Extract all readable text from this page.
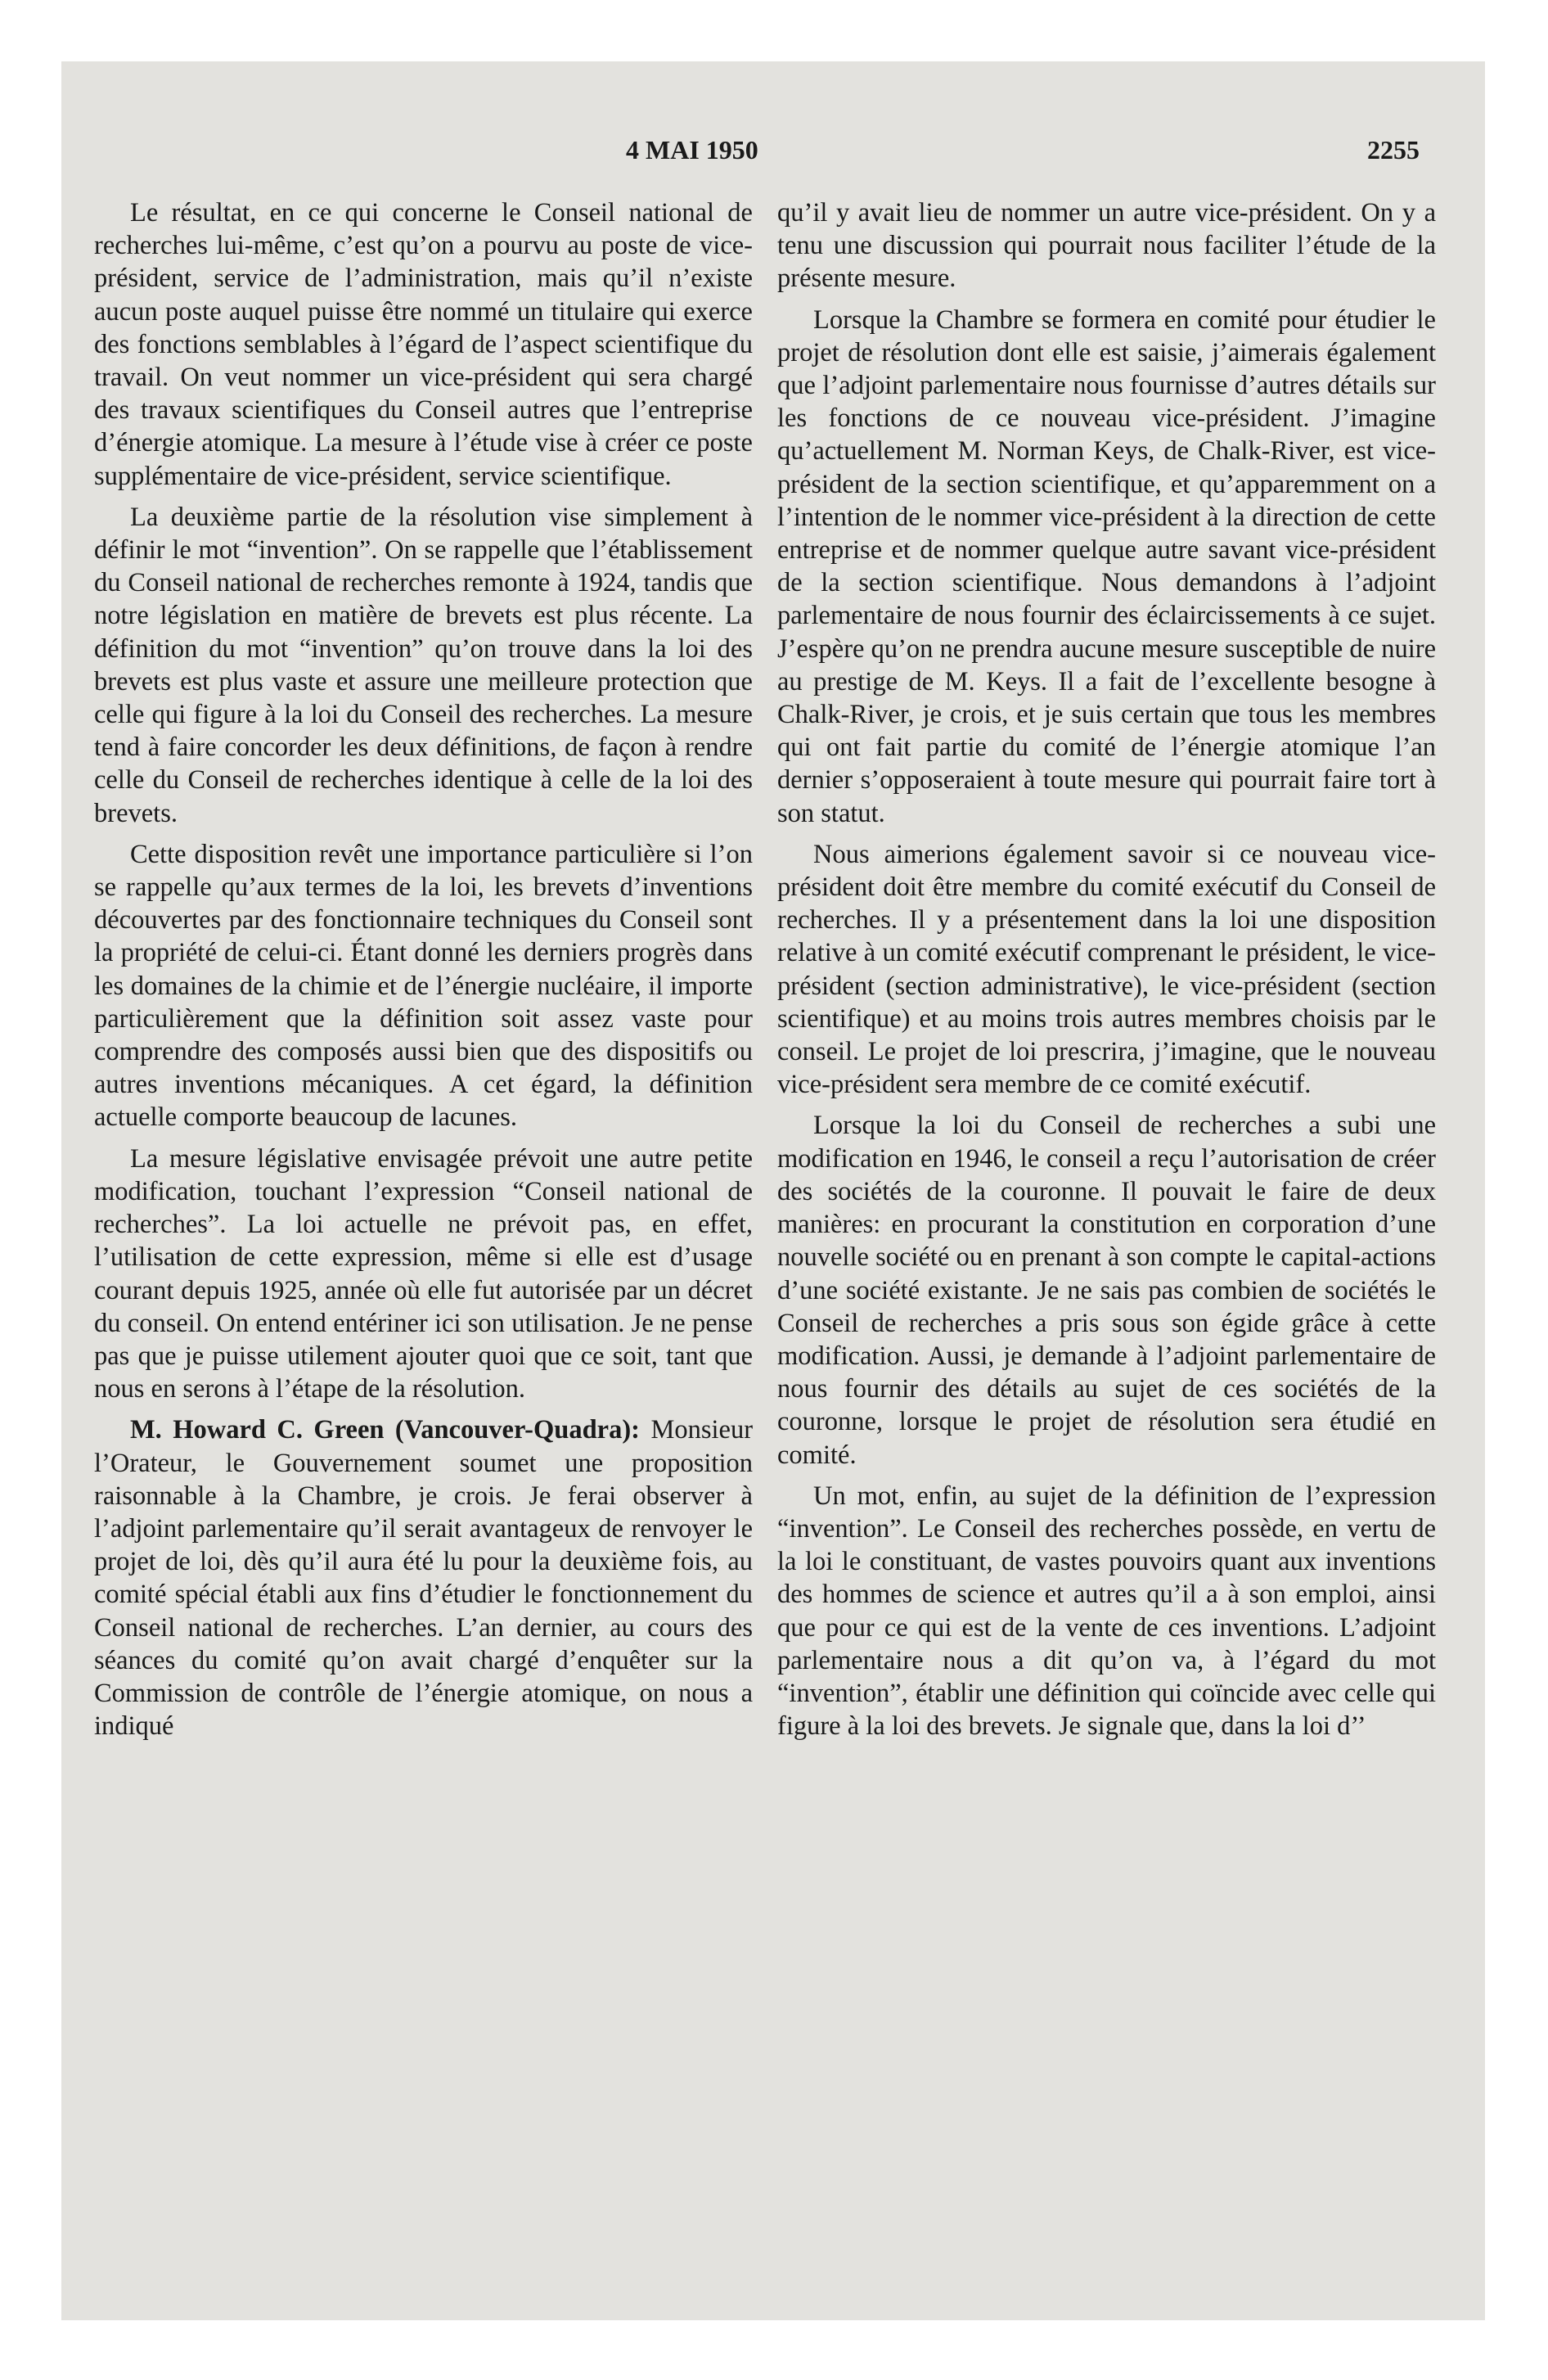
4 MAI 1950	2255

Le résultat, en ce qui concerne le Conseil national de recherches lui-même, c’est qu’on a pourvu au poste de vice-président, service de l’administration, mais qu’il n’existe aucun poste auquel puisse être nommé un titulaire qui exerce des fonctions semblables à l’égard de l’aspect scientifique du travail. On veut nommer un vice-président qui sera chargé des travaux scientifiques du Conseil autres que l’entreprise d’énergie atomique. La mesure à l’étude vise à créer ce poste supplémentaire de vice-président, service scientifique.

La deuxième partie de la résolution vise simplement à définir le mot “invention”. On se rappelle que l’établissement du Conseil national de recherches remonte à 1924, tandis que notre législation en matière de brevets est plus récente. La définition du mot “invention” qu’on trouve dans la loi des brevets est plus vaste et assure une meilleure protection que celle qui figure à la loi du Conseil des recherches. La mesure tend à faire concorder les deux définitions, de façon à rendre celle du Conseil de recherches identique à celle de la loi des brevets.

Cette disposition revêt une importance particulière si l’on se rappelle qu’aux termes de la loi, les brevets d’inventions découvertes par des fonctionnaire techniques du Conseil sont la propriété de celui-ci. Étant donné les derniers progrès dans les domaines de la chimie et de l’énergie nucléaire, il importe particulièrement que la définition soit assez vaste pour comprendre des composés aussi bien que des dispositifs ou autres inventions mécaniques. A cet égard, la définition actuelle comporte beaucoup de lacunes.

La mesure législative envisagée prévoit une autre petite modification, touchant l’expression “Conseil national de recherches”. La loi actuelle ne prévoit pas, en effet, l’utilisation de cette expression, même si elle est d’usage courant depuis 1925, année où elle fut autorisée par un décret du conseil. On entend entériner ici son utilisation. Je ne pense pas que je puisse utilement ajouter quoi que ce soit, tant que nous en serons à l’étape de la résolution.

M. Howard C. Green (Vancouver-Quadra): Monsieur l’Orateur, le Gouvernement soumet une proposition raisonnable à la Chambre, je crois. Je ferai observer à l’adjoint parlementaire qu’il serait avantageux de renvoyer le projet de loi, dès qu’il aura été lu pour la deuxième fois, au comité spécial établi aux fins d’étudier le fonctionnement du Conseil national de recherches. L’an dernier, au cours des séances du comité qu’on avait chargé d’enquêter sur la Commission de contrôle de l’énergie atomique, on nous a indiqué

qu’il y avait lieu de nommer un autre vice-président. On y a tenu une discussion qui pourrait nous faciliter l’étude de la présente mesure.

Lorsque la Chambre se formera en comité pour étudier le projet de résolution dont elle est saisie, j’aimerais également que l’adjoint parlementaire nous fournisse d’autres détails sur les fonctions de ce nouveau vice-président. J’imagine qu’actuellement M. Norman Keys, de Chalk-River, est vice-président de la section scientifique, et qu’apparemment on a l’intention de le nommer vice-président à la direction de cette entreprise et de nommer quelque autre savant vice-président de la section scientifique. Nous demandons à l’adjoint parlementaire de nous fournir des éclaircissements à ce sujet. J’espère qu’on ne prendra aucune mesure susceptible de nuire au prestige de M. Keys. Il a fait de l’excellente besogne à Chalk-River, je crois, et je suis certain que tous les membres qui ont fait partie du comité de l’énergie atomique l’an dernier s’opposeraient à toute mesure qui pourrait faire tort à son statut.

Nous aimerions également savoir si ce nouveau vice-président doit être membre du comité exécutif du Conseil de recherches. Il y a présentement dans la loi une disposition relative à un comité exécutif comprenant le président, le vice-président (section administrative), le vice-président (section scientifique) et au moins trois autres membres choisis par le conseil. Le projet de loi prescrira, j’imagine, que le nouveau vice-président sera membre de ce comité exécutif.

Lorsque la loi du Conseil de recherches a subi une modification en 1946, le conseil a reçu l’autorisation de créer des sociétés de la couronne. Il pouvait le faire de deux manières: en procurant la constitution en corporation d’une nouvelle société ou en prenant à son compte le capital-actions d’une société existante. Je ne sais pas combien de sociétés le Conseil de recherches a pris sous son égide grâce à cette modification. Aussi, je demande à l’adjoint parlementaire de nous fournir des détails au sujet de ces sociétés de la couronne, lorsque le projet de résolution sera étudié en comité.

Un mot, enfin, au sujet de la définition de l’expression “invention”. Le Conseil des recherches possède, en vertu de la loi le constituant, de vastes pouvoirs quant aux inventions des hommes de science et autres qu’il a à son emploi, ainsi que pour ce qui est de la vente de ces inventions. L’adjoint parlementaire nous a dit qu’on va, à l’égard du mot “invention”, établir une définition qui coïncide avec celle qui figure à la loi des brevets. Je signale que, dans la loi d’’
